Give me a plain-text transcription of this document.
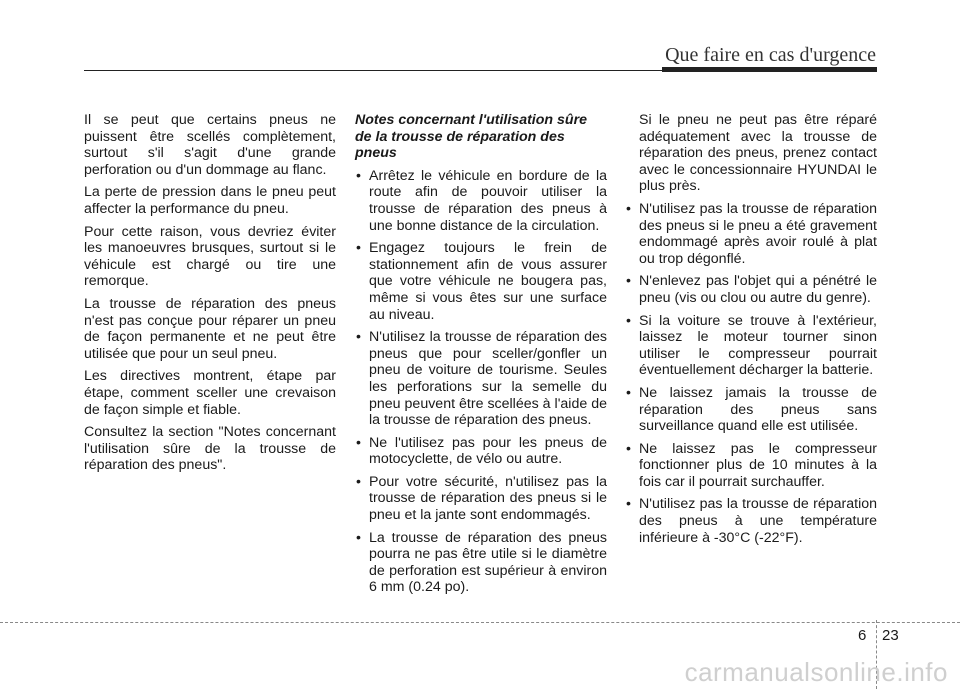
Que faire en cas d'urgence

Il se peut que certains pneus ne puissent être scellés complètement, surtout s'il s'agit d'une grande perforation ou d'un dommage au flanc.

La perte de pression dans le pneu peut affecter la performance du pneu.

Pour cette raison, vous devriez éviter les manoeuvres brusques, surtout si le véhicule est chargé ou tire une remorque.

La trousse de réparation des pneus n'est pas conçue pour réparer un pneu de façon permanente et ne peut être utilisée que pour un seul pneu.

Les directives montrent, étape par étape, comment sceller une crevaison de façon simple et fiable.

Consultez la section "Notes concernant l'utilisation sûre de la trousse de réparation des pneus".

Notes concernant l'utilisation sûre de la trousse de réparation des pneus
• Arrêtez le véhicule en bordure de la route afin de pouvoir utiliser la trousse de réparation des pneus à une bonne distance de la circulation.
• Engagez toujours le frein de stationnement afin de vous assurer que votre véhicule ne bougera pas, même si vous êtes sur une surface au niveau.
• N'utilisez la trousse de réparation des pneus que pour sceller/gonfler un pneu de voiture de tourisme. Seules les perforations sur la semelle du pneu peuvent être scellées à l'aide de la trousse de réparation des pneus.
• Ne l'utilisez pas pour les pneus de motocyclette, de vélo ou autre.
• Pour votre sécurité, n'utilisez pas la trousse de réparation des pneus si le pneu et la jante sont endommagés.
• La trousse de réparation des pneus pourra ne pas être utile si le diamètre de perforation est supérieur à environ 6 mm (0.24 po).

Si le pneu ne peut pas être réparé adéquatement avec la trousse de réparation des pneus, prenez contact avec le concessionnaire HYUNDAI le plus près.

• N'utilisez pas la trousse de réparation des pneus si le pneu a été gravement endommagé après avoir roulé à plat ou trop dégonflé.
• N'enlevez pas l'objet qui a pénétré le pneu (vis ou clou ou autre du genre).
• Si la voiture se trouve à l'extérieur, laissez le moteur tourner sinon utiliser le compresseur pourrait éventuellement décharger la batterie.
• Ne laissez jamais la trousse de réparation des pneus sans surveillance quand elle est utilisée.
• Ne laissez pas le compresseur fonctionner plus de 10 minutes à la fois car il pourrait surchauffer.
• N'utilisez pas la trousse de réparation des pneus à une température inférieure à -30°C (-22°F).
6 23
carmanualsonline.info
